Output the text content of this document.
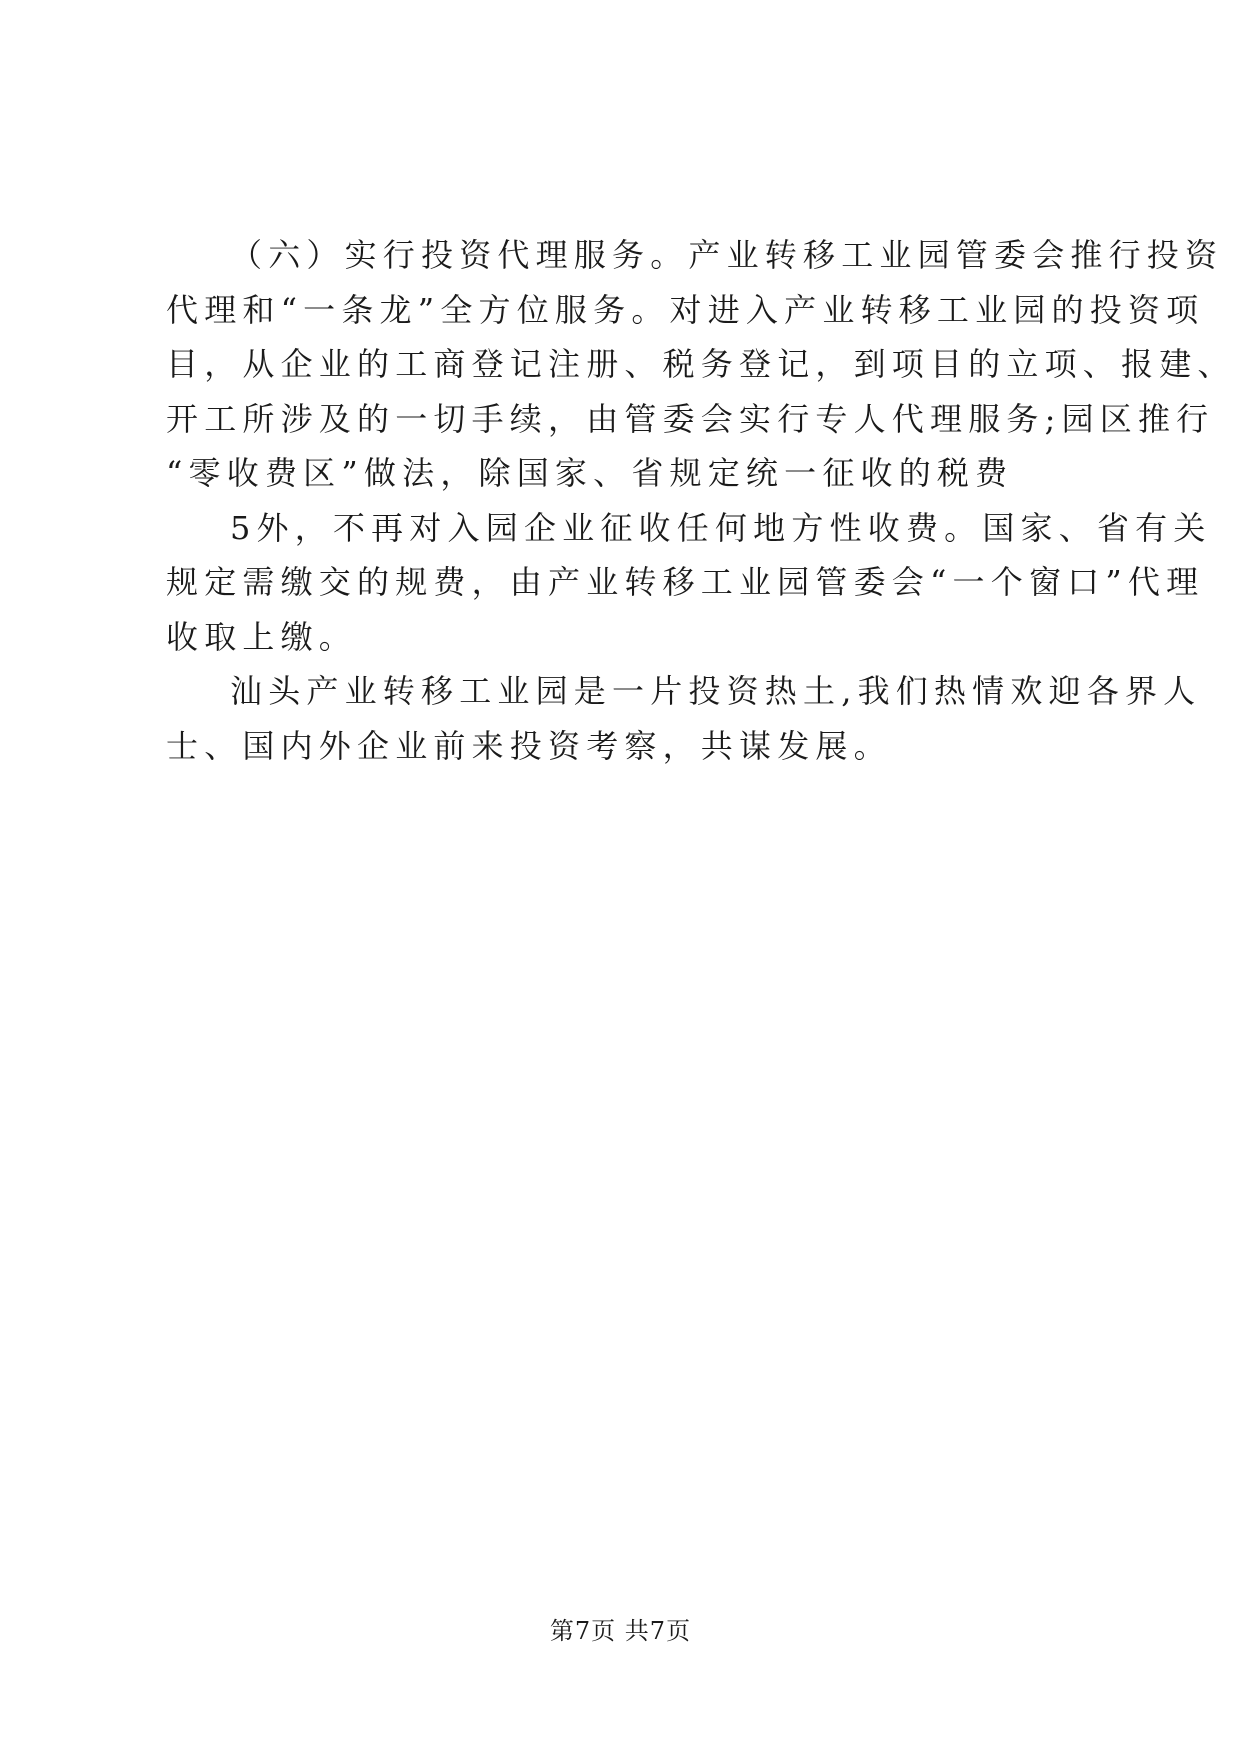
（六）实行投资代理服务。产业转移工业园管委会推行投资
代理和“一条龙”全方位服务。对进入产业转移工业园的投资项
目，从企业的工商登记注册、税务登记，到项目的立项、报建、
开工所涉及的一切手续，由管委会实行专人代理服务;园区推行
“零收费区”做法，除国家、省规定统一征收的税费
5外，不再对入园企业征收任何地方性收费。国家、省有关
规定需缴交的规费，由产业转移工业园管委会“一个窗口”代理
收取上缴。
汕头产业转移工业园是一片投资热土,我们热情欢迎各界人
士、国内外企业前来投资考察，共谋发展。
第7页 共7页
